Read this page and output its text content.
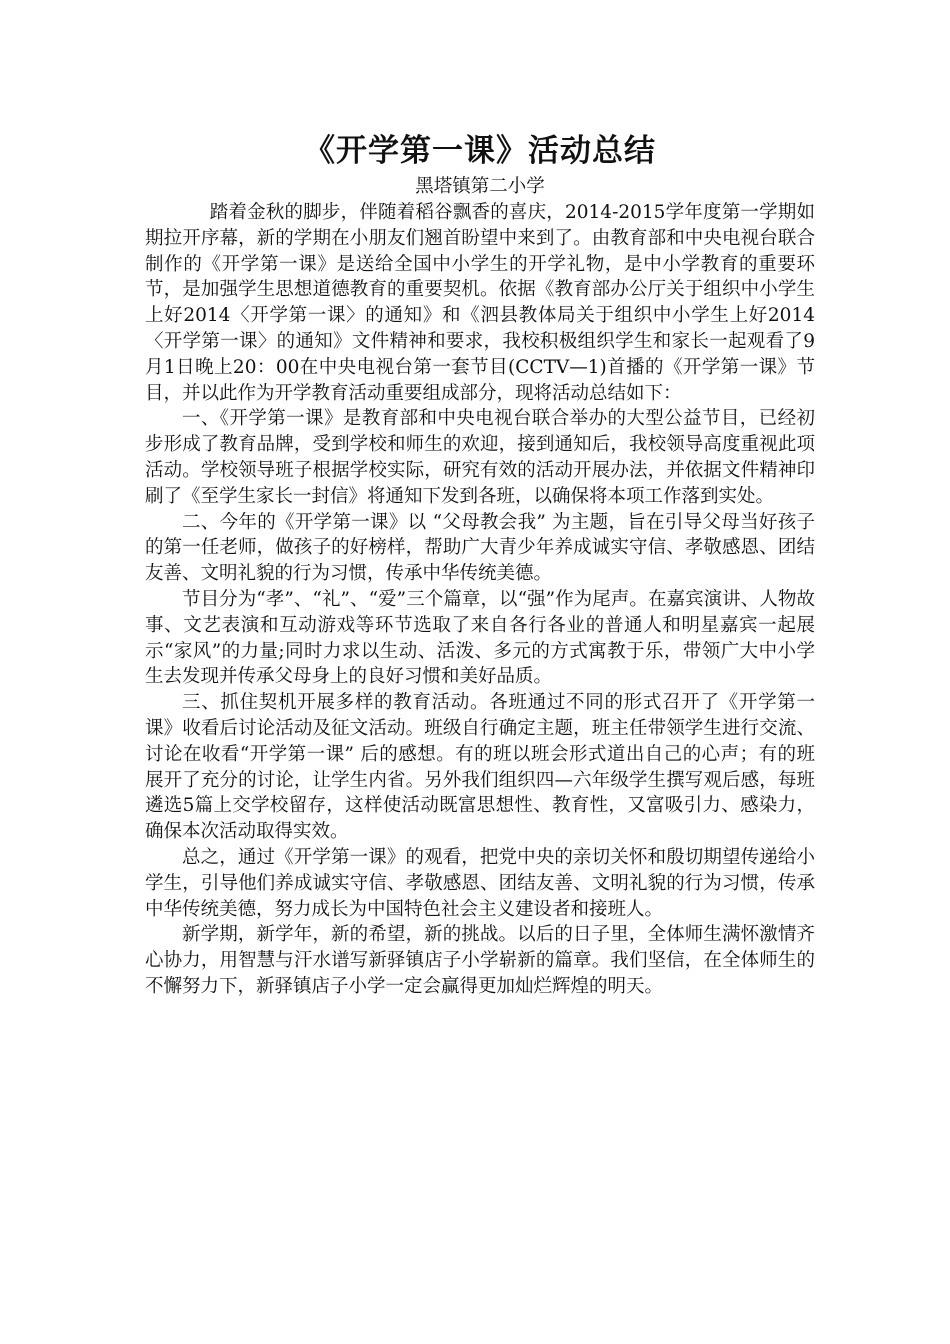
《开学第一课》活动总结

黑塔镇第二小学

踏着金秋的脚步，伴随着稻谷飘香的喜庆，2014-2015学年度第一学期如期拉开序幕，新的学期在小朋友们翘首盼望中来到了。由教育部和中央电视台联合制作的《开学第一课》是送给全国中小学生的开学礼物，是中小学教育的重要环节，是加强学生思想道德教育的重要契机。依据《教育部办公厅关于组织中小学生上好2014〈开学第一课〉的通知》和《泗县教体局关于组织中小学生上好2014〈开学第一课〉的通知》文件精神和要求，我校积极组织学生和家长一起观看了9月1日晚上20：00在中央电视台第一套节目(CCTV—1)首播的《开学第一课》节目，并以此作为开学教育活动重要组成部分，现将活动总结如下：

一、《开学第一课》是教育部和中央电视台联合举办的大型公益节目，已经初步形成了教育品牌，受到学校和师生的欢迎，接到通知后，我校领导高度重视此项活动。学校领导班子根据学校实际，研究有效的活动开展办法，并依据文件精神印刷了《至学生家长一封信》将通知下发到各班，以确保将本项工作落到实处。

二、今年的《开学第一课》以 “父母教会我” 为主题，旨在引导父母当好孩子的第一任老师，做孩子的好榜样，帮助广大青少年养成诚实守信、孝敬感恩、团结友善、文明礼貌的行为习惯，传承中华传统美德。

节目分为“孝”、“礼”、“爱”三个篇章，以“强”作为尾声。在嘉宾演讲、人物故事、文艺表演和互动游戏等环节选取了来自各行各业的普通人和明星嘉宾一起展示“家风”的力量;同时力求以生动、活泼、多元的方式寓教于乐，带领广大中小学生去发现并传承父母身上的良好习惯和美好品质。

三、抓住契机开展多样的教育活动。各班通过不同的形式召开了《开学第一课》收看后讨论活动及征文活动。班级自行确定主题，班主任带领学生进行交流、讨论在收看“开学第一课” 后的感想。有的班以班会形式道出自己的心声；有的班展开了充分的讨论，让学生内省。另外我们组织四—六年级学生撰写观后感，每班遴选5篇上交学校留存，这样使活动既富思想性、教育性，又富吸引力、感染力，确保本次活动取得实效。

总之，通过《开学第一课》的观看，把党中央的亲切关怀和殷切期望传递给小学生，引导他们养成诚实守信、孝敬感恩、团结友善、文明礼貌的行为习惯，传承中华传统美德，努力成长为中国特色社会主义建设者和接班人。

新学期，新学年，新的希望，新的挑战。以后的日子里，全体师生满怀激情齐心协力，用智慧与汗水谱写新驿镇店子小学崭新的篇章。我们坚信，在全体师生的不懈努力下，新驿镇店子小学一定会赢得更加灿烂辉煌的明天。
